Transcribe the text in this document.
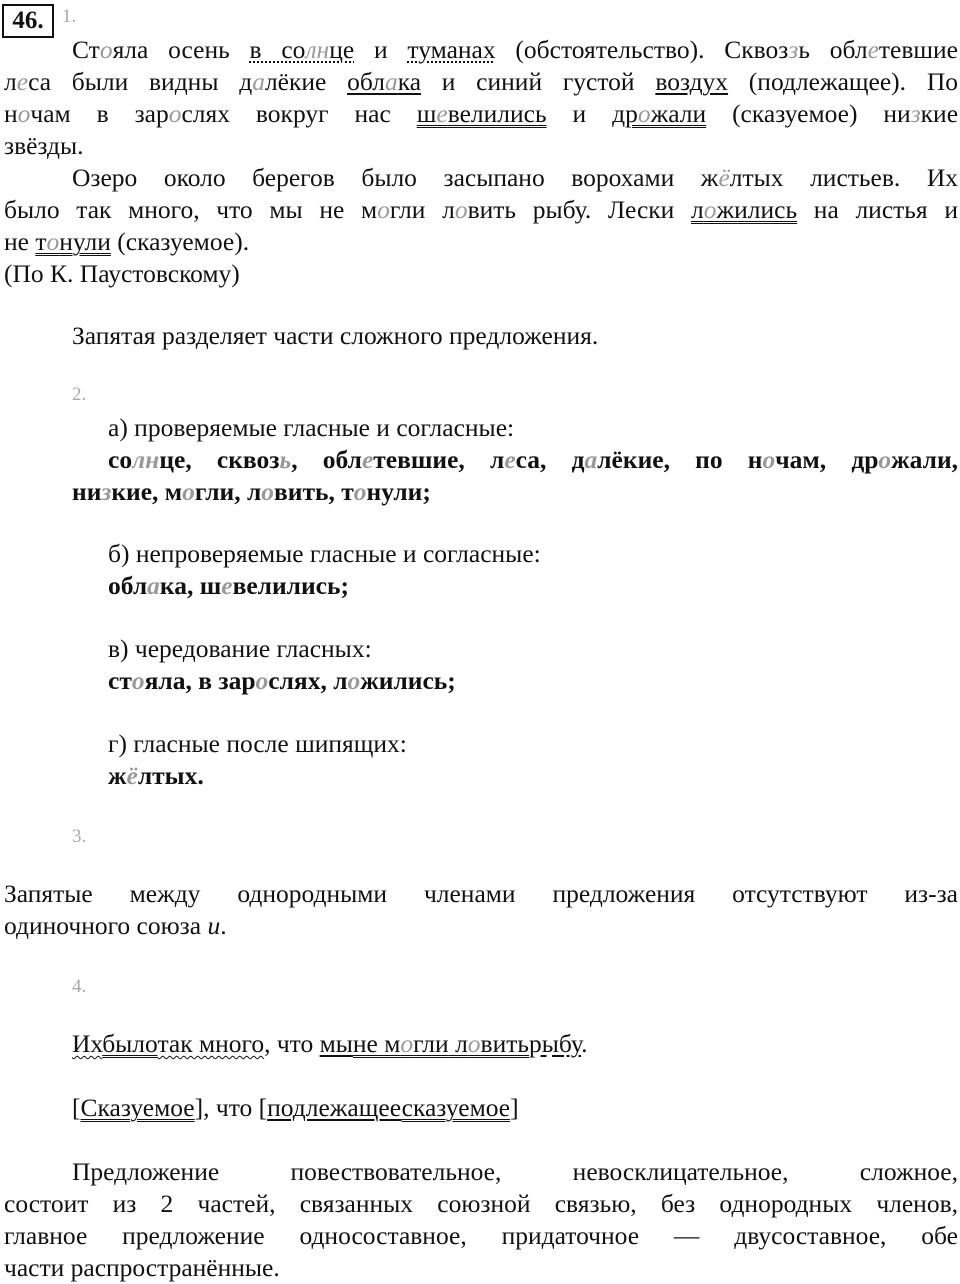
46. 1.
Стояла осень в солнце и туманах (обстоятельство). Сквоззь облетевшие
леса были видны далёкие облака и синий густой воздух (подлежащее). По
ночам в зарослях вокруг нас шевелились и дрожали (сказуемое) низкие
звёзды.
Озеро около берегов было засыпано ворохами жёлтых листьев. Их
было так много, что мы не могли ловить рыбу. Лески ложились на листья и
не тонули (сказуемое).
(По К. Паустовскому)
Запятая разделяет части сложного предложения.
2.
а) проверяемые гласные и согласные:
солнце, сквозь, облетевшие, леса, далёкие, по ночам, дрожали,
низкие, могли, ловить, тонули;
б) непроверяемые гласные и согласные:
облака, шевелились;
в) чередование гласных:
стояла, в зарослях, ложились;
г) гласные после шипящих:
жёлтых.
3.
Запятые между однородными членами предложения отсутствуют из-за
одиночного союза и.
4.
Ихбылотак много, что мыне могли ловитьрыбу.
[Сказуемое], что [подлежащеесказуемое]
Предложение повествовательное, невосклицательное, сложное,
состоит из 2 частей, связанных союзной связью, без однородных членов,
главное предложение односоставное, придаточное — двусоставное, обе
части распространённые.
